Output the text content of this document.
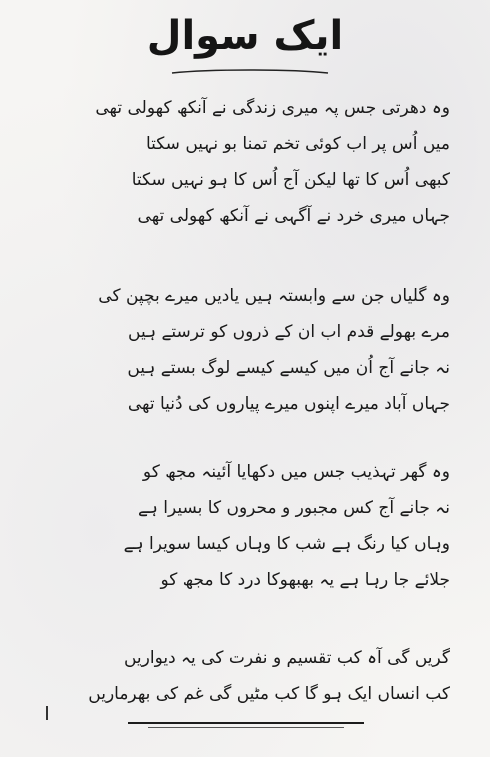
ایک سوال
وہ دھرتی جس پہ میری زندگی نے آنکھ کھولی تھی
میں اُس پر اب کوئی تخم تمنا بو نہیں سکتا
کبھی اُس کا تھا لیکن آج اُس کا ہو نہیں سکتا
جہاں میری خرد نے آگہی نے آنکھ کھولی تھی
وہ گلیاں جن سے وابستہ ہیں یادیں میرے بچپن کی
مرے بھولے قدم اب ان کے ذروں کو ترستے ہیں
نہ جانے آج اُن میں کیسے کیسے لوگ بستے ہیں
جہاں آباد میرے اپنوں میرے پیاروں کی دُنیا تھی
وہ گھر تہذیب جس میں دکھایا آئینہ مجھ کو
نہ جانے آج کس مجبور و محروں کا بسیرا ہے
وہاں کیا رنگ ہے شب کا وہاں کیسا سویرا ہے
جلائے جا رہا ہے یہ بھبھوکا درد کا مجھ کو
گریں گی آہ کب تقسیم و نفرت کی یہ دیواریں
کب انساں ایک ہو گا کب مٹیں گی غم کی بھرماریں
